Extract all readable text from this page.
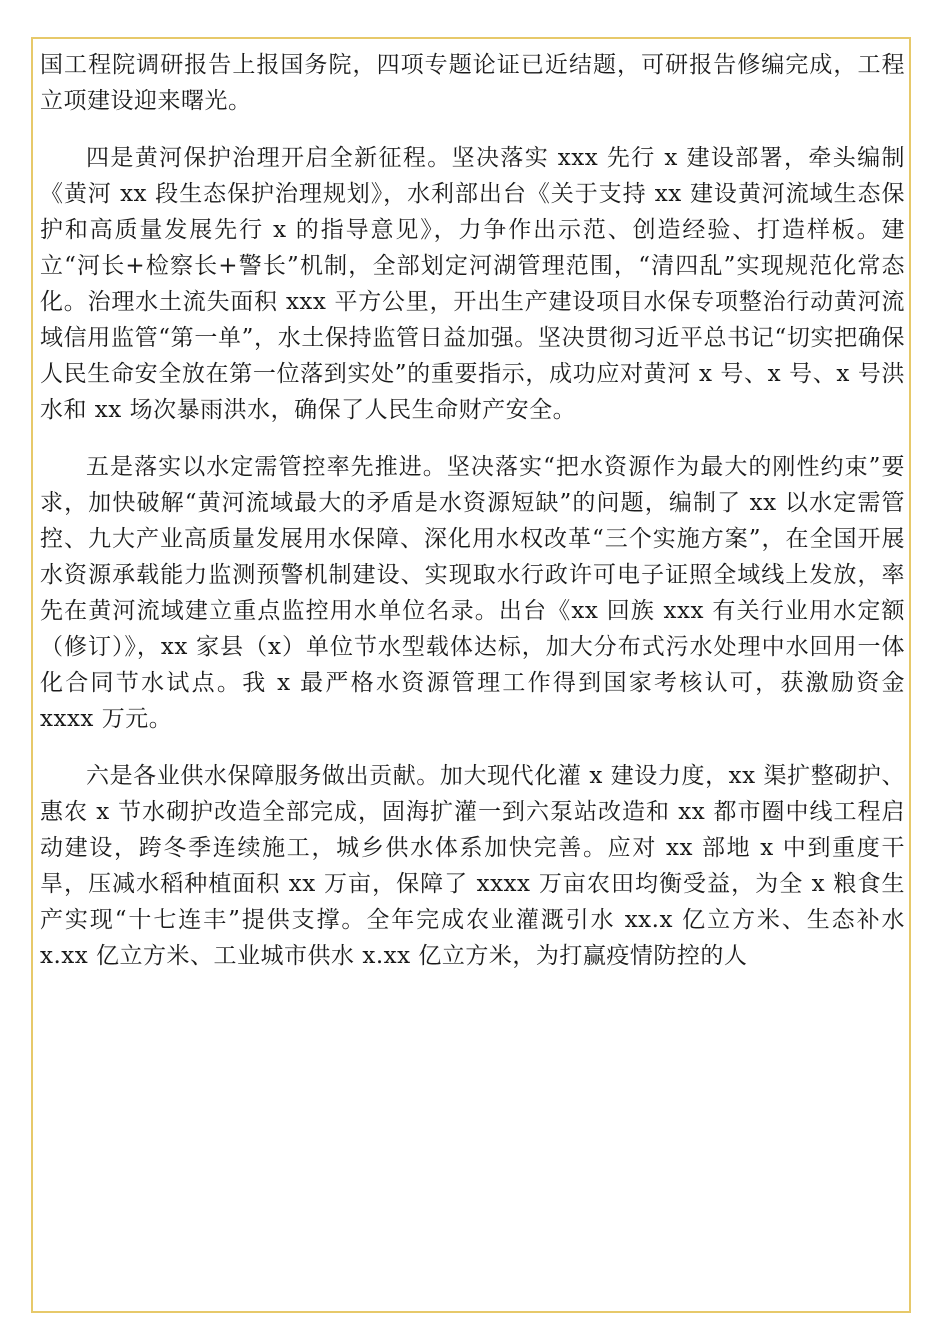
国工程院调研报告上报国务院，四项专题论证已近结题，可研报告修编完成，工程立项建设迎来曙光。

四是黄河保护治理开启全新征程。坚决落实 xxx 先行 x 建设部署，牵头编制《黄河 xx 段生态保护治理规划》，水利部出台《关于支持 xx 建设黄河流域生态保护和高质量发展先行 x 的指导意见》，力争作出示范、创造经验、打造样板。建立“河长+检察长+警长”机制，全部划定河湖管理范围，“清四乱”实现规范化常态化。治理水土流失面积 xxx 平方公里，开出生产建设项目水保专项整治行动黄河流域信用监管“第一单”，水土保持监管日益加强。坚决贯彻习近平总书记“切实把确保人民生命安全放在第一位落到实处”的重要指示，成功应对黄河 x 号、x 号、x 号洪水和 xx 场次暴雨洪水，确保了人民生命财产安全。

五是落实以水定需管控率先推进。坚决落实“把水资源作为最大的刚性约束”要求，加快破解“黄河流域最大的矛盾是水资源短缺”的问题，编制了 xx 以水定需管控、九大产业高质量发展用水保障、深化用水权改革“三个实施方案”，在全国开展水资源承载能力监测预警机制建设、实现取水行政许可电子证照全域线上发放，率先在黄河流域建立重点监控用水单位名录。出台《xx 回族 xxx 有关行业用水定额（修订）》，xx 家县（x）单位节水型载体达标，加大分布式污水处理中水回用一体化合同节水试点。我 x 最严格水资源管理工作得到国家考核认可，获激励资金 xxxx 万元。

六是各业供水保障服务做出贡献。加大现代化灌 x 建设力度，xx 渠扩整砌护、惠农 x 节水砌护改造全部完成，固海扩灌一到六泵站改造和 xx 都市圈中线工程启动建设，跨冬季连续施工，城乡供水体系加快完善。应对 xx 部地 x 中到重度干旱，压减水稻种植面积 xx 万亩，保障了 xxxx 万亩农田均衡受益，为全 x 粮食生产实现“十七连丰”提供支撑。全年完成农业灌溉引水 xx.x 亿立方米、生态补水 x.xx 亿立方米、工业城市供水 x.xx 亿立方米，为打赢疫情防控的人
